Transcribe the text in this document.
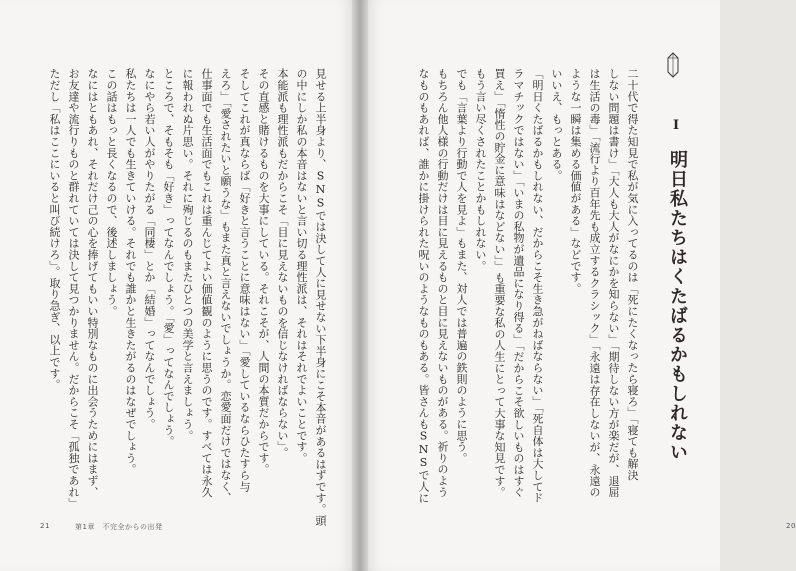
見せる上半身より、SNSでは決して人に見せない下半身にこそ本音があるはずです。頭
の中にしか私の本音はないと言い切る理性派は、それはそれでよいことです。
本能派も理性派もだからこそ「目に見えないものを信じなければならない」。
その直感と賭けるものを大事にしている。それこそが、人間の本質だからです。
そしてこれが真ならば「好きと言うことに意味はない」「愛しているならひたすら与
えろ」「愛されたいと願うな」もまた真と言えないでしょうか。恋愛面だけではなく、
仕事面でも生活面でもこれは重んじてよい価値観のように思うのです。すべては永久
に報われぬ片思い。それに殉じるのもまたひとつの美学と言えましょう。
ところで、そもそも「好き」ってなんでしょう。「愛」ってなんでしょう。
なにやら若い人がやりたがる「同棲」とか「結婚」ってなんでしょう。
私たちは一人でも生きていける。それでも誰かと生きたがるのはなぜでしょう。
この話はもっと長くなるので、後述しましょう。
なにはともあれ、それだけ己の心を捧げてもいい特別なものに出会うためにはまず、
お友達や流行りものと群れていては決して見つかりません。だからこそ「孤独であれ」
ただし「私はここにいると叫び続けろ」。取り急ぎ、以上です。
21	第1章　不完全からの出発
二十代で得た知見で私が気に入ってるのは「死にたくなったら寝ろ」「寝ても解決
しない問題は書け」「大人も大人がなにかを知らない」「期待しない方が楽だが、退屈
は生活の毒」「流行より百年先も成立するクラシック」「永遠は存在しないが、永遠の
ような一瞬は集める価値がある」などです。
いいえ、もっとある。
「明日くたばるかもしれない、だからこそ生き急がねばならない」「死自体は大してド
ラマチックではない」「いまの私物が遺品になり得る」「だからこそ欲しいものはすぐ
買え」「惰性の貯金に意味はなどない」」も重要な私の人生にとって大事な知見です。
もう言い尽くされたことかもしれない。
でも「言葉より行動で人を見よ」もまた、対人では普遍の鉄則のように思う。
もちろん他人様の行動だけは目に見えるものと目に見えないものがある。祈りのよう
なものもあれば、誰かに掛けられた呪いのようなものもある。皆さんもSNSで人に
20
Ⅰ
明日私たちはくたばるかもしれない
